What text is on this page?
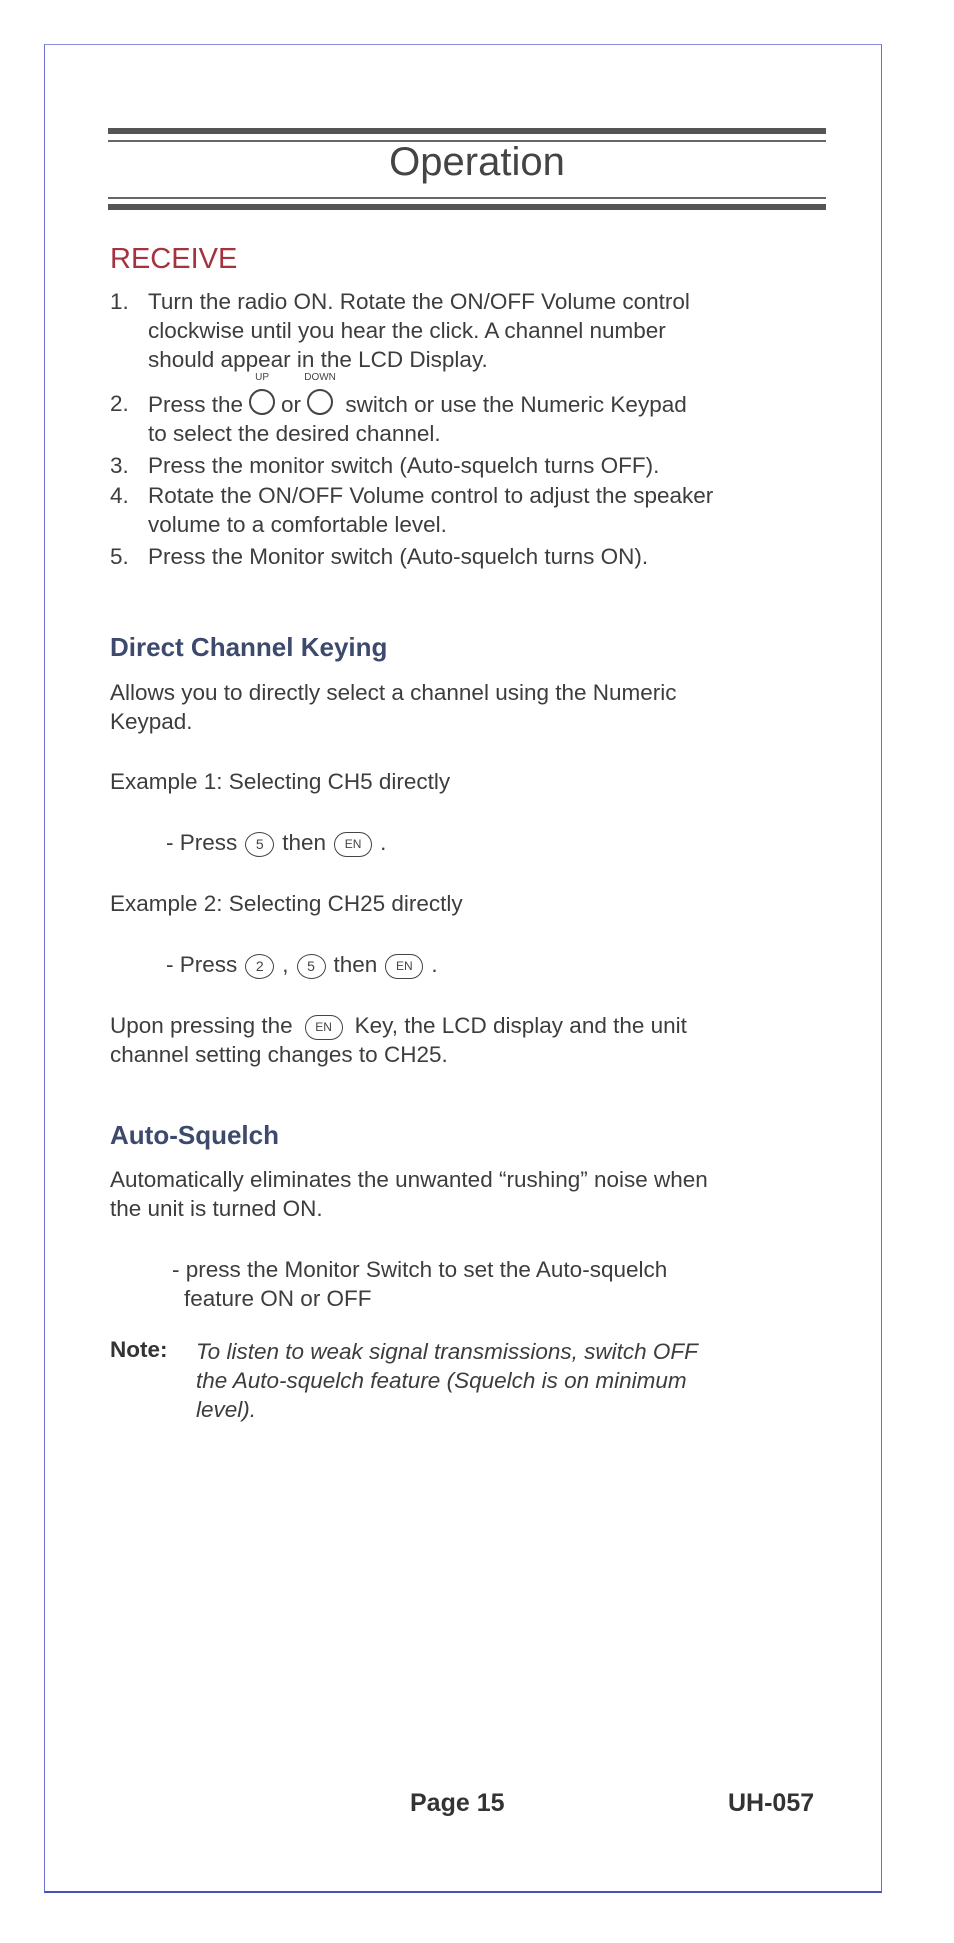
Operation
RECEIVE
1. Turn the radio ON. Rotate the ON/OFF Volume control
clockwise until you hear the click. A channel number
should appear in the LCD Display.
2. Press the
UP
or
DOWN
switch or use the Numeric Keypad
to select the desired channel.
3. Press the monitor switch (Auto-squelch turns OFF).
4. Rotate the ON/OFF Volume control to adjust the speaker
volume to a comfortable level.
5. Press the Monitor switch (Auto-squelch turns ON).
Direct Channel Keying
Allows you to directly select a channel using the Numeric
Keypad.
Example 1: Selecting CH5 directly
- Press 5 then EN .
Example 2: Selecting CH25 directly
- Press 2 , 5 then EN .
Upon pressing the EN Key, the LCD display and the unit
channel setting changes to CH25.
Auto-Squelch
Automatically eliminates the unwanted “rushing” noise when
the unit is turned ON.
- press the Monitor Switch to set the Auto-squelch
feature ON or OFF
Note: To listen to weak signal transmissions, switch OFF
the Auto-squelch feature (Squelch is on minimum
level).
Page 15	UH-057
